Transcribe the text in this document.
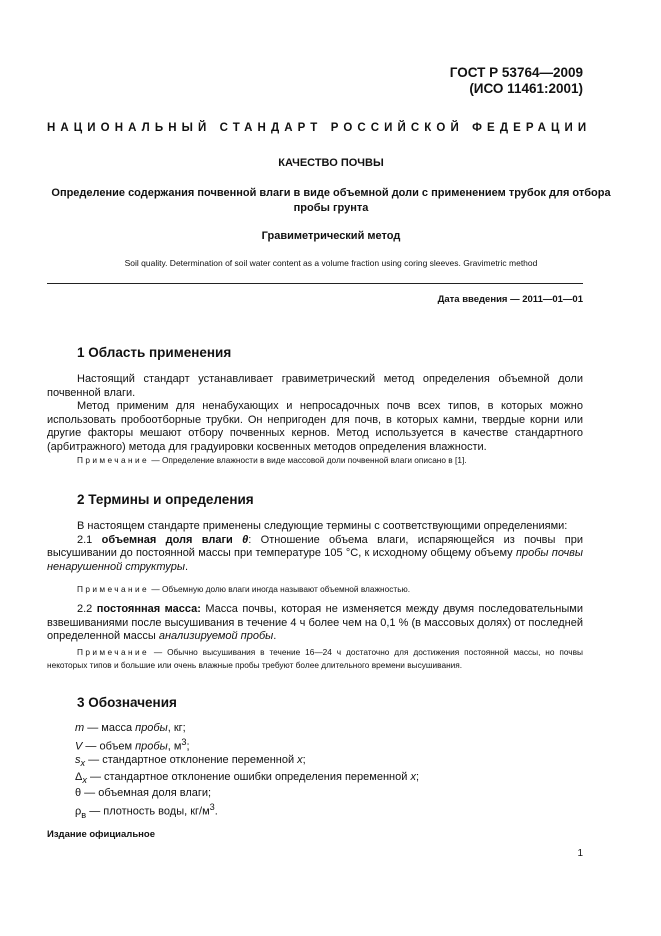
ГОСТ Р 53764—2009
(ИСО 11461:2001)
НАЦИОНАЛЬНЫЙ СТАНДАРТ РОССИЙСКОЙ ФЕДЕРАЦИИ
КАЧЕСТВО ПОЧВЫ
Определение содержания почвенной влаги в виде объемной доли с применением трубок для отбора пробы грунта
Гравиметрический метод
Soil quality. Determination of soil water content as a volume fraction using coring sleeves. Gravimetric method
Дата введения — 2011—01—01
1 Область применения

Настоящий стандарт устанавливает гравиметрический метод определения объемной доли почвенной влаги.

Метод применим для ненабухающих и непросадочных почв всех типов, в которых можно использовать пробоотборные трубки. Он непригоден для почв, в которых камни, твердые корни или другие факторы мешают отбору почвенных кернов. Метод используется в качестве стандартного (арбитражного) метода для градуировки косвенных методов определения влажности.

Примечание — Определение влажности в виде массовой доли почвенной влаги описано в [1].
2 Термины и определения

В настоящем стандарте применены следующие термины с соответствующими определениями:

2.1 объемная доля влаги θ: Отношение объема влаги, испаряющейся из почвы при высушивании до постоянной массы при температуре 105 °С, к исходному общему объему пробы почвы ненарушенной структуры.

Примечание — Объемную долю влаги иногда называют объемной влажностью.

2.2 постоянная масса: Масса почвы, которая не изменяется между двумя последовательными взвешиваниями после высушивания в течение 4 ч более чем на 0,1 % (в массовых долях) от последней определенной массы анализируемой пробы.

Примечание — Обычно высушивания в течение 16—24 ч достаточно для достижения постоянной массы, но почвы некоторых типов и большие или очень влажные пробы требуют более длительного времени высушивания.
3 Обозначения
m — масса пробы, кг;
V — объем пробы, $м^3$;
$s_x$ — стандартное отклонение переменной x;
$\Delta_x$ — стандартное отклонение ошибки определения переменной x;
θ — объемная доля влаги;
$\rho_в$ — плотность воды, $кг/м^3$.
Издание официальное
1
